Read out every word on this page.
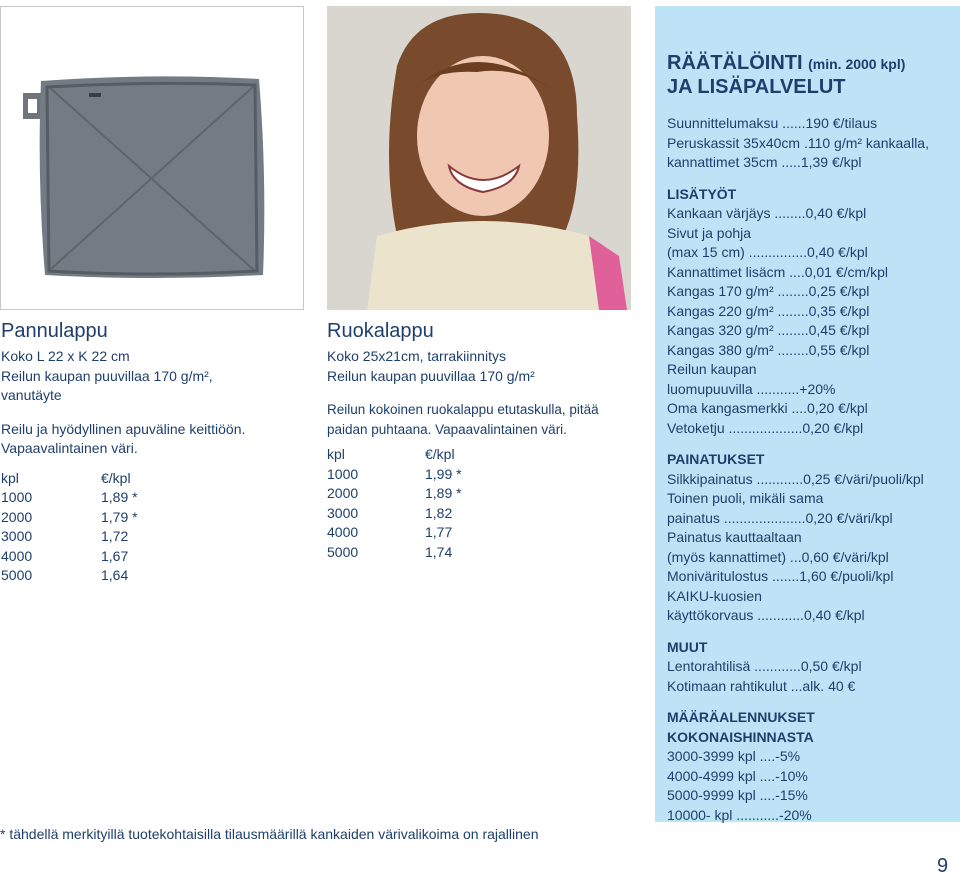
Pannulappu
Koko L 22 x K 22 cm
Reilun kaupan puuvillaa 170 g/m², vanutäyte
Reilu ja hyödyllinen apuväline keittiöön.
Vapaavalintainen väri.
kpl	€/kpl
1000	1,89 *
2000	1,79 *
3000	1,72
4000	1,67
5000	1,64
Ruokalappu
Koko 25x21cm, tarrakiinnitys
Reilun kaupan puuvillaa 170 g/m²
Reilun kokoinen ruokalappu etutaskulla, pitää
paidan puhtaana. Vapaavalintainen väri.
kpl	€/kpl
1000	1,99 *
2000	1,89 *
3000	1,82
4000	1,77
5000	1,74
RÄÄTÄLÖINTI (min. 2000 kpl)
JA LISÄPALVELUT
Suunnittelumaksu ......190 €/tilaus
Peruskassit 35x40cm .110 g/m² kankaalla,
kannattimet 35cm .....1,39 €/kpl
LISÄTYÖT
Kankaan värjäys ........0,40 €/kpl
Sivut ja pohja
(max 15 cm) ...............0,40 €/kpl
Kannattimet lisäcm ....0,01 €/cm/kpl
Kangas 170 g/m² ........0,25 €/kpl
Kangas 220 g/m² ........0,35 €/kpl
Kangas 320 g/m² ........0,45 €/kpl
Kangas 380 g/m² ........0,55 €/kpl
Reilun kaupan
luomupuuvilla ...........+20%
Oma kangasmerkki ....0,20 €/kpl
Vetoketju ...................0,20 €/kpl
PAINATUKSET
Silkkipainatus ............0,25 €/väri/puoli/kpl
Toinen puoli, mikäli sama
painatus .....................0,20 €/väri/kpl
Painatus kauttaaltaan
(myös kannattimet) ...0,60 €/väri/kpl
Moniväritulostus .......1,60 €/puoli/kpl
KAIKU-kuosien
käyttökorvaus ............0,40 €/kpl
MUUT
Lentorahtilisä ............0,50 €/kpl
Kotimaan rahtikulut ...alk. 40 €
MÄÄRÄALENNUKSET KOKONAISHINNASTA
3000-3999 kpl ....-5%
4000-4999 kpl ....-10%
5000-9999 kpl ....-15%
10000- kpl ...........-20%
* tähdellä merkityillä tuotekohtaisilla tilausmäärillä kankaiden värivalikoima on rajallinen
9
